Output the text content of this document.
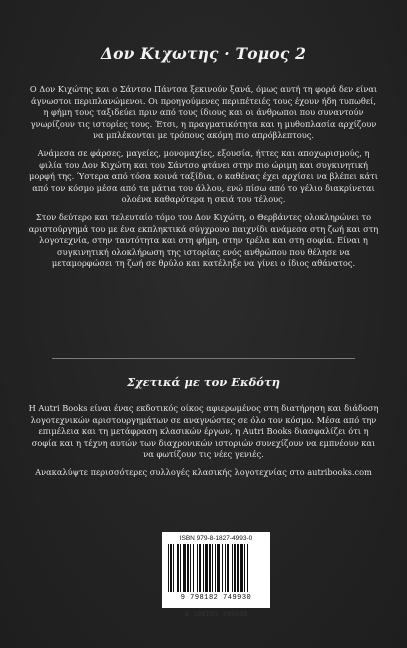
Δον Κιχωτης · Τομος 2

Ο Δον Κιχώτης και ο Σάντσο Πάντσα ξεκινούν ξανά, όμως αυτή τη φορά δεν είναι άγνωστοι περιπλανώμενοι. Οι προηγούμενες περιπέτειές τους έχουν ήδη τυπωθεί, η φήμη τους ταξιδεύει πριν από τους ίδιους και οι άνθρωποι που συναντούν γνωρίζουν τις ιστορίες τους. Έτσι, η πραγματικότητα και η μυθοπλασία αρχίζουν να μπλέκονται με τρόπους ακόμη πιο απρόβλεπτους.

Ανάμεσα σε φάρσες, μαγείες, μονομαχίες, εξουσία, ήττες και αποχωρισμούς, η φιλία του Δον Κιχώτη και του Σάντσο φτάνει στην πιο ώριμη και συγκινητική μορφή της. Ύστερα από τόσα κοινά ταξίδια, ο καθένας έχει αρχίσει να βλέπει κάτι από τον κόσμο μέσα από τα μάτια του άλλου, ενώ πίσω από το γέλιο διακρίνεται ολοένα καθαρότερα η σκιά του τέλους.

Στον δεύτερο και τελευταίο τόμο του Δον Κιχώτη, ο Θερβάντες ολοκληρώνει το αριστούργημά του με ένα εκπληκτικά σύγχρονο παιχνίδι ανάμεσα στη ζωή και στη λογοτεχνία, στην ταυτότητα και στη φήμη, στην τρέλα και στη σοφία. Είναι η συγκινητική ολοκλήρωση της ιστορίας ενός ανθρώπου που θέλησε να μεταμορφώσει τη ζωή σε θρύλο και κατέληξε να γίνει ο ίδιος αθάνατος.

Σχετικά με τον Εκδότη

Η Autri Books είναι ένας εκδοτικός οίκος αφιερωμένος στη διατήρηση και διάδοση λογοτεχνικών αριστουργημάτων σε αναγνώστες σε όλο τον κόσμο. Μέσα από την επιμέλεια και τη μετάφραση κλασικών έργων, η Autri Books διασφαλίζει ότι η σοφία και η τέχνη αυτών των διαχρονικών ιστοριών συνεχίζουν να εμπνέουν και να φωτίζουν τις νέες γενιές.

Ανακαλύψτε περισσότερες συλλογές κλασικής λογοτεχνίας στο autribooks.com

ISBN 979-8-1827-4993-0
9 798182 749930
9 798182 749930
